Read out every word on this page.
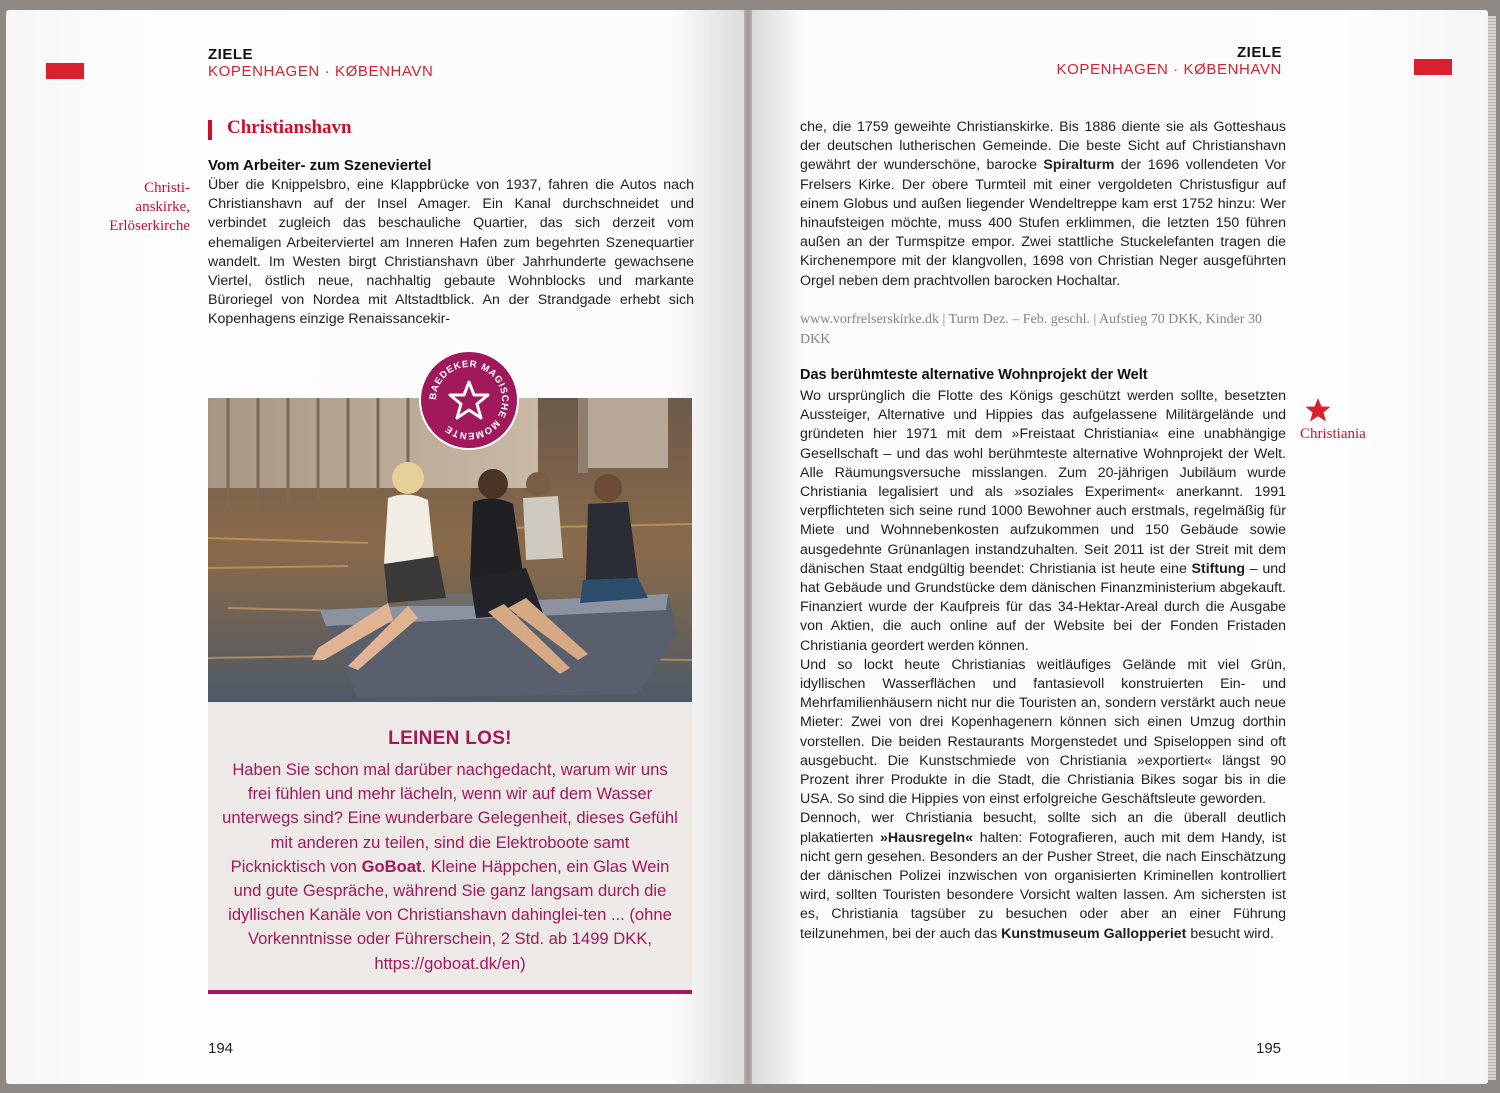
ZIELE
KOPENHAGEN · KØBENHAVN
Christianshavn
Vom Arbeiter- zum Szeneviertel
Christi-
anskirke,
Erlöserkirche

Über die Knippelsbro, eine Klappbrücke von 1937, fahren die Autos nach Christianshavn auf der Insel Amager. Ein Kanal durchschneidet und verbindet zugleich das beschauliche Quartier, das sich derzeit vom ehemaligen Arbeiterviertel am Inneren Hafen zum begehrten Szenequartier wandelt. Im Westen birgt Christianshavn über Jahrhunderte gewachsene Viertel, östlich neue, nachhaltig gebaute Wohnblocks und markante Büroriegel von Nordea mit Altstadtblick. An der Strandgade erhebt sich Kopenhagens einzige Renaissancekir-

BAEDEKER MAGISCHE MOMENTE
LEINEN LOS!
Haben Sie schon mal darüber nachgedacht, warum wir uns frei fühlen und mehr lächeln, wenn wir auf dem Wasser unterwegs sind? Eine wunderbare Gelegenheit, dieses Gefühl mit anderen zu teilen, sind die Elektroboote samt Picknicktisch von GoBoat. Kleine Häppchen, ein Glas Wein und gute Gespräche, während Sie ganz langsam durch die idyllischen Kanäle von Christianshavn dahinglei-ten ... (ohne Vorkenntnisse oder Führerschein, 2 Std. ab 1499 DKK, https://goboat.dk/en)
194
ZIELE
KOPENHAGEN · KØBENHAVN

che, die 1759 geweihte Christianskirke. Bis 1886 diente sie als Gotteshaus der deutschen lutherischen Gemeinde. Die beste Sicht auf Christianshavn gewährt der wunderschöne, barocke Spiralturm der 1696 vollendeten Vor Frelsers Kirke. Der obere Turmteil mit einer vergoldeten Christusfigur auf einem Globus und außen liegender Wendeltreppe kam erst 1752 hinzu: Wer hinaufsteigen möchte, muss 400 Stufen erklimmen, die letzten 150 führen außen an der Turmspitze empor. Zwei stattliche Stuckelefanten tragen die Kirchenempore mit der klangvollen, 1698 von Christian Neger ausgeführten Orgel neben dem prachtvollen barocken Hochaltar.

www.vorfrelserskirke.dk | Turm Dez. – Feb. geschl. | Aufstieg 70 DKK, Kinder 30 DKK
Das berühmteste alternative Wohnprojekt der Welt
Christiania

Wo ursprünglich die Flotte des Königs geschützt werden sollte, besetzten Aussteiger, Alternative und Hippies das aufgelassene Militärgelände und gründeten hier 1971 mit dem »Freistaat Christiania« eine unabhängige Gesellschaft – und das wohl berühmteste alternative Wohnprojekt der Welt. Alle Räumungsversuche misslangen. Zum 20-jährigen Jubiläum wurde Christiania legalisiert und als »soziales Experiment« anerkannt. 1991 verpflichteten sich seine rund 1000 Bewohner auch erstmals, regelmäßig für Miete und Wohnnebenkosten aufzukommen und 150 Gebäude sowie ausgedehnte Grünanlagen instandzuhalten. Seit 2011 ist der Streit mit dem dänischen Staat endgültig beendet: Christiania ist heute eine Stiftung – und hat Gebäude und Grundstücke dem dänischen Finanzministerium abgekauft. Finanziert wurde der Kaufpreis für das 34-Hektar-Areal durch die Ausgabe von Aktien, die auch online auf der Website bei der Fonden Fristaden Christiania geordert werden können.

Und so lockt heute Christianias weitläufiges Gelände mit viel Grün, idyllischen Wasserflächen und fantasievoll konstruierten Ein- und Mehrfamilienhäusern nicht nur die Touristen an, sondern verstärkt auch neue Mieter: Zwei von drei Kopenhagenern können sich einen Umzug dorthin vorstellen. Die beiden Restaurants Morgenstedet und Spiseloppen sind oft ausgebucht. Die Kunstschmiede von Christiania »exportiert« längst 90 Prozent ihrer Produkte in die Stadt, die Christiania Bikes sogar bis in die USA. So sind die Hippies von einst erfolgreiche Geschäftsleute geworden.

Dennoch, wer Christiania besucht, sollte sich an die überall deutlich plakatierten »Hausregeln« halten: Fotografieren, auch mit dem Handy, ist nicht gern gesehen. Besonders an der Pusher Street, die nach Einschätzung der dänischen Polizei inzwischen von organisierten Kriminellen kontrolliert wird, sollten Touristen besondere Vorsicht walten lassen. Am sichersten ist es, Christiania tagsüber zu besuchen oder aber an einer Führung teilzunehmen, bei der auch das Kunstmuseum Gallopperiet besucht wird.

195
